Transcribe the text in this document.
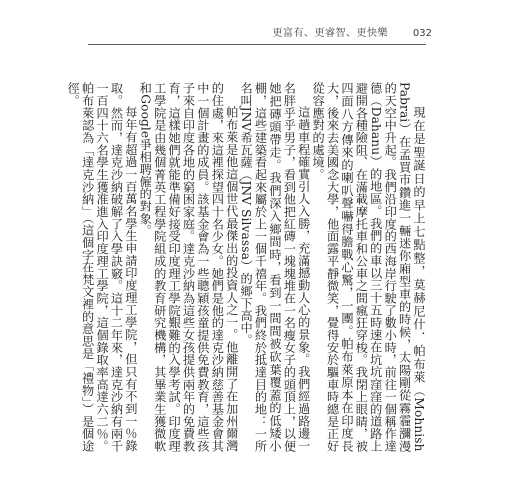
更富有、更睿智、更快樂 032

現在是聖誕日的早上七點整，莫赫尼什．帕布萊（Mohnish Pabrai）在孟買市鑽進一輛迷你廂型車的時候，太陽剛從霧霾瀰漫的天空中升起。我們沿印度的西海岸行駛了數小時，前往一個稱作達德（Dahanu）的地區。我們的車以三十五時速在坑坑窪窪的道路上避開各種險阻、在滿載摩托車和公車之間瘋狂穿梭。我閉上眼睛，被四面八方傳來的喇叭聲嚇得膽戰心驚，一團。帕布萊原本在印度長大，後來去美國念大學，他面露平靜微笑，覺得安於驅車時總是正好從容應對的處境。

這趟車程確實引人入勝，充滿撼動人心的景象。我們經過路邊一名胖乎乎男子，看到他把紅磚一塊塊堆在一名瘦女子的頭頂上，以便她把磚頭帶走。我們深入鄉間時，看到一間間被砍葉覆蓋的低矮小棚，這些建築看起來屬於上一個千禧年。我們終於抵達目的地：一所名叫JNV希瓦薩（JNV Silvassa）的鄉下高中。

帕布萊是他這個世代最傑出的投資人之一。他離開了在加州爾灣的住處，來這裡探望四十名少女。她們是他的達克沙納慈善基金會其中一個計畫的成員。該基金會為一些聰穎孩童提供免費教育，這些孩子來自印度各地的窮困家庭。達克沙納為這些女孩提供兩年的免費教育，這樣她們就能準備好接受印度理工學院艱難的入學考試。印度理工學院是由幾個菁英工程學院組成的教育研究機構，其畢業生獲微軟和Google爭相聘僱的對象。

每年有超過一百萬名學生申請印度理工學院，但只有不到一％錄取。然而，達克沙納破解了入學訣竅。這十二年來，達克沙納有兩千一百四十六名學生獲准進入印度理工學院，這個錄取率高達六二％。帕布萊認為「達克沙納」（這個字在梵文裡的意思是「禮物」）是個途徑。
